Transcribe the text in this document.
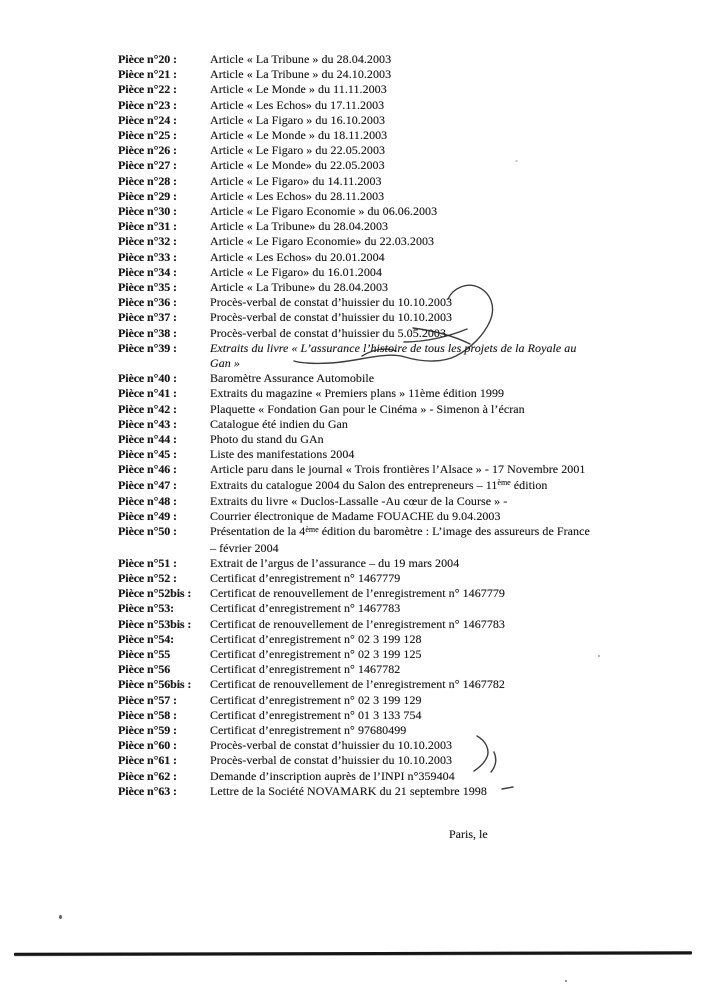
Pièce n°20 :	Article « La Tribune » du 28.04.2003
Pièce n°21 :	Article « La Tribune » du 24.10.2003
Pièce n°22 :	Article « Le Monde » du 11.11.2003
Pièce n°23 :	Article « Les Echos» du 17.11.2003
Pièce n°24 :	Article « La Figaro » du 16.10.2003
Pièce n°25 :	Article « Le Monde » du 18.11.2003
Pièce n°26 :	Article « Le Figaro » du 22.05.2003
Pièce n°27 :	Article « Le Monde» du 22.05.2003
Pièce n°28 :	Article « Le Figaro» du 14.11.2003
Pièce n°29 :	Article « Les Echos» du 28.11.2003
Pièce n°30 :	Article « Le Figaro Economie » du 06.06.2003
Pièce n°31 :	Article « La Tribune» du 28.04.2003
Pièce n°32 :	Article « Le Figaro Economie» du 22.03.2003
Pièce n°33 :	Article « Les Echos» du 20.01.2004
Pièce n°34 :	Article « Le Figaro» du 16.01.2004
Pièce n°35 :	Article « La Tribune» du 28.04.2003
Pièce n°36 :	Procès-verbal de constat d’huissier du 10.10.2003
Pièce n°37 :	Procès-verbal de constat d’huissier du 10.10.2003
Pièce n°38 :	Procès-verbal de constat d’huissier du 5.05.2003
Pièce n°39 :	Extraits du livre « L’assurance l’histoire de tous les projets de la Royale au
Gan »
Pièce n°40 :	Baromètre Assurance Automobile
Pièce n°41 :	Extraits du magazine « Premiers plans » 11ème édition 1999
Pièce n°42 :	Plaquette « Fondation Gan pour le Cinéma » - Simenon à l’écran
Pièce n°43 :	Catalogue été indien du Gan
Pièce n°44 :	Photo du stand du GAn
Pièce n°45 :	Liste des manifestations 2004
Pièce n°46 :	Article paru dans le journal « Trois frontières l’Alsace » - 17 Novembre 2001
Pièce n°47 :	Extraits du catalogue 2004 du Salon des entrepreneurs – 11ème édition
Pièce n°48 :	Extraits du livre « Duclos-Lassalle -Au cœur de la Course » -
Pièce n°49 :	Courrier électronique de Madame FOUACHE du 9.04.2003
Pièce n°50 :	Présentation de la 4ème édition du baromètre : L’image des assureurs de France
– février 2004
Pièce n°51 :	Extrait de l’argus de l’assurance – du 19 mars 2004
Pièce n°52 :	Certificat d’enregistrement n° 1467779
Pièce n°52bis :	Certificat de renouvellement de l’enregistrement n° 1467779
Pièce n°53:	Certificat d’enregistrement n° 1467783
Pièce n°53bis :	Certificat de renouvellement de l’enregistrement n° 1467783
Pièce n°54:	Certificat d’enregistrement n° 02 3 199 128
Pièce n°55	Certificat d’enregistrement n° 02 3 199 125
Pièce n°56	Certificat d’enregistrement n° 1467782
Pièce n°56bis :	Certificat de renouvellement de l’enregistrement n° 1467782
Pièce n°57 :	Certificat d’enregistrement n° 02 3 199 129
Pièce n°58 :	Certificat d’enregistrement n° 01 3 133 754
Pièce n°59 :	Certificat d’enregistrement n° 97680499
Pièce n°60 :	Procès-verbal de constat d’huissier du 10.10.2003
Pièce n°61 :	Procès-verbal de constat d’huissier du 10.10.2003
Pièce n°62 :	Demande d’inscription auprès de l’INPI n°359404
Pièce n°63 :	Lettre de la Société NOVAMARK du 21 septembre 1998
Paris, le
